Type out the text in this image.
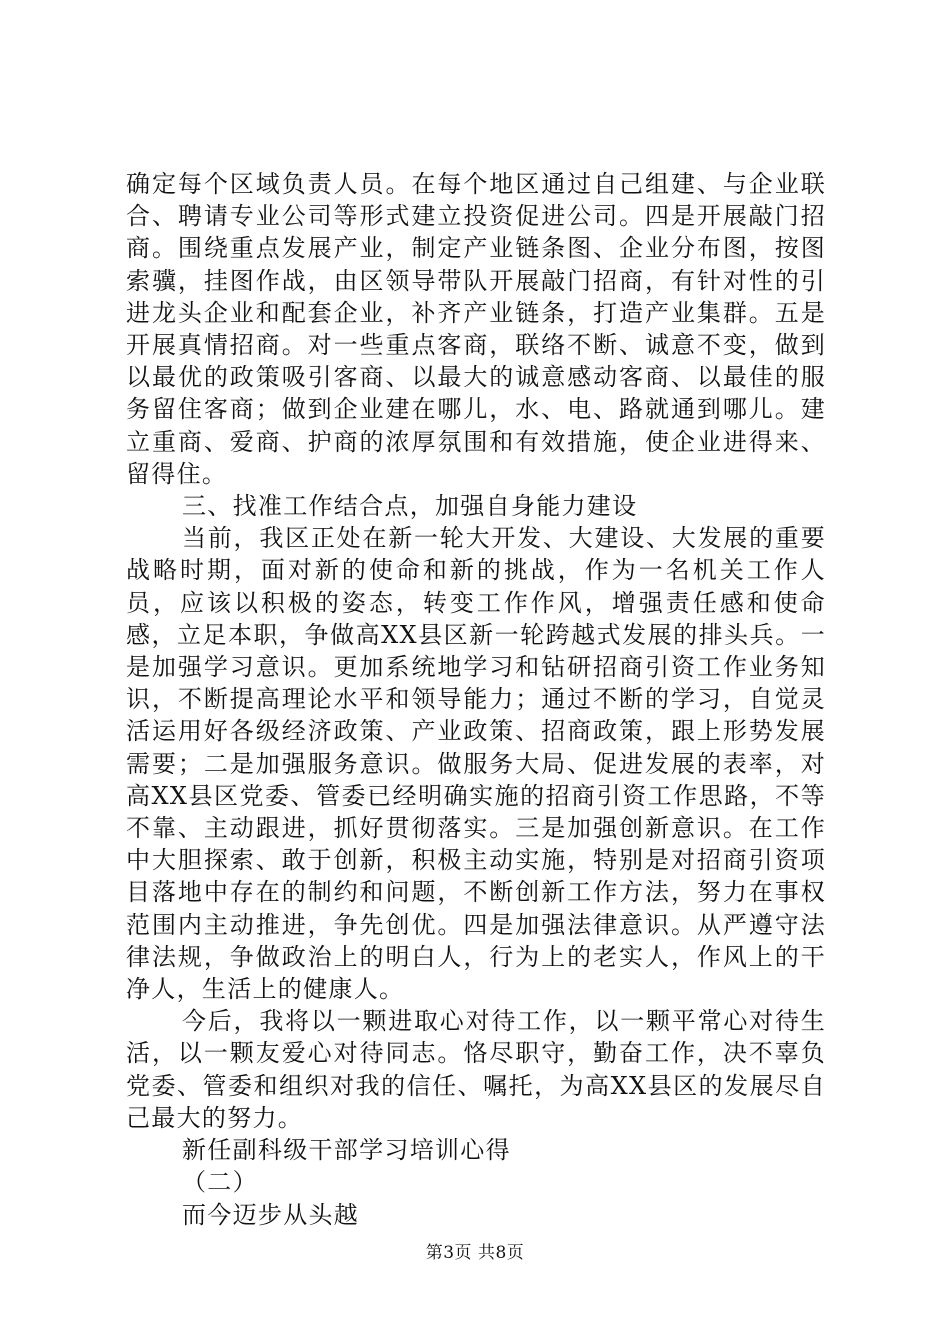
确定每个区域负责人员。在每个地区通过自己组建、与企业联合、聘请专业公司等形式建立投资促进公司。四是开展敲门招商。围绕重点发展产业，制定产业链条图、企业分布图，按图索骥，挂图作战，由区领导带队开展敲门招商，有针对性的引进龙头企业和配套企业，补齐产业链条，打造产业集群。五是开展真情招商。对一些重点客商，联络不断、诚意不变，做到以最优的政策吸引客商、以最大的诚意感动客商、以最佳的服务留住客商；做到企业建在哪儿，水、电、路就通到哪儿。建立重商、爱商、护商的浓厚氛围和有效措施，使企业进得来、留得住。

三、找准工作结合点，加强自身能力建设

当前，我区正处在新一轮大开发、大建设、大发展的重要战略时期，面对新的使命和新的挑战，作为一名机关工作人员，应该以积极的姿态，转变工作作风，增强责任感和使命感，立足本职，争做高XX县区新一轮跨越式发展的排头兵。一是加强学习意识。更加系统地学习和钻研招商引资工作业务知识，不断提高理论水平和领导能力；通过不断的学习，自觉灵活运用好各级经济政策、产业政策、招商政策，跟上形势发展需要；二是加强服务意识。做服务大局、促进发展的表率，对高XX县区党委、管委已经明确实施的招商引资工作思路，不等不靠、主动跟进，抓好贯彻落实。三是加强创新意识。在工作中大胆探索、敢于创新，积极主动实施，特别是对招商引资项目落地中存在的制约和问题，不断创新工作方法，努力在事权范围内主动推进，争先创优。四是加强法律意识。从严遵守法律法规，争做政治上的明白人，行为上的老实人，作风上的干净人，生活上的健康人。

今后，我将以一颗进取心对待工作，以一颗平常心对待生活，以一颗友爱心对待同志。恪尽职守，勤奋工作，决不辜负党委、管委和组织对我的信任、嘱托，为高XX县区的发展尽自己最大的努力。

新任副科级干部学习培训心得

（二）

而今迈步从头越

第3页 共8页
